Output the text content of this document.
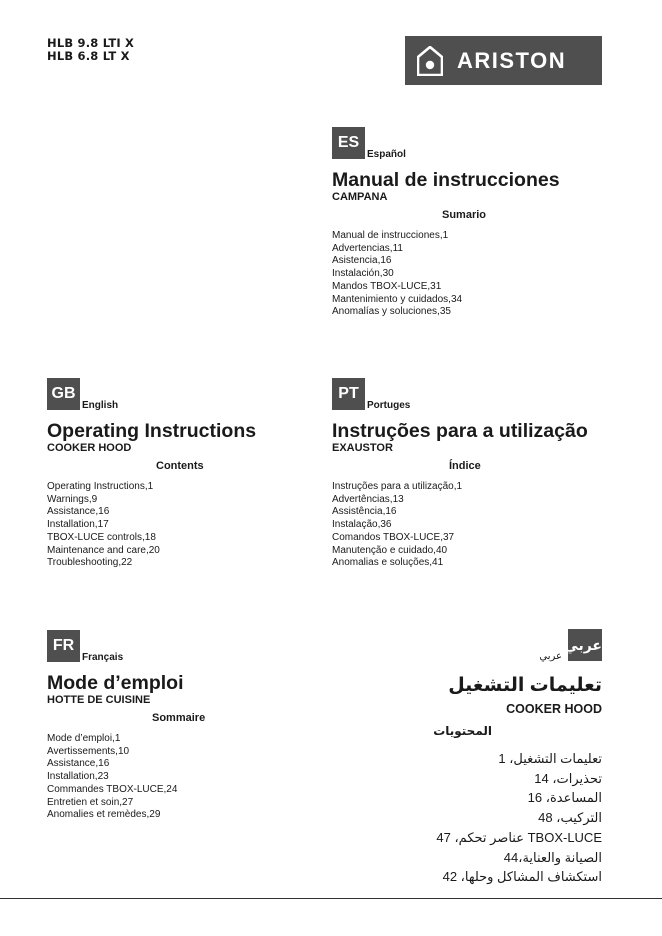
HLB 9.8 LTI X
HLB 6.8 LT X	ARISTON
ES
Español
Manual de instrucciones
CAMPANA
Sumario
Manual de instrucciones,1
Advertencias,11
Asistencia,16
Instalación,30
Mandos TBOX-LUCE,31
Mantenimiento y cuidados,34
Anomalías y soluciones,35
GB
English
Operating Instructions
COOKER HOOD
Contents
Operating Instructions,1
Warnings,9
Assistance,16
Installation,17
TBOX-LUCE controls,18
Maintenance and care,20
Troubleshooting,22
PT
Portuges
Instruções para a utilização
EXAUSTOR
Índice
Instruções para a utilização,1
Advertências,13
Assistência,16
Instalação,36
Comandos TBOX-LUCE,37
Manutenção e cuidado,40
Anomalias e soluções,41
FR
Français
Mode d’emploi
HOTTE DE CUISINE
Sommaire
Mode d’emploi,1
Avertissements,10
Assistance,16
Installation,23
Commandes TBOX-LUCE,24
Entretien et soin,27
Anomalies et remèdes,29
عربي
عربي
تعليمات التشغيل
COOKER HOOD
المحتويات
تعليمات التشغيل، 1
تحذيرات، 14
المساعدة، 16
التركيب، 48
TBOX-LUCE عناصر تحكم، 47
الصيانة والعناية،44
استكشاف المشاكل وحلها، 42
